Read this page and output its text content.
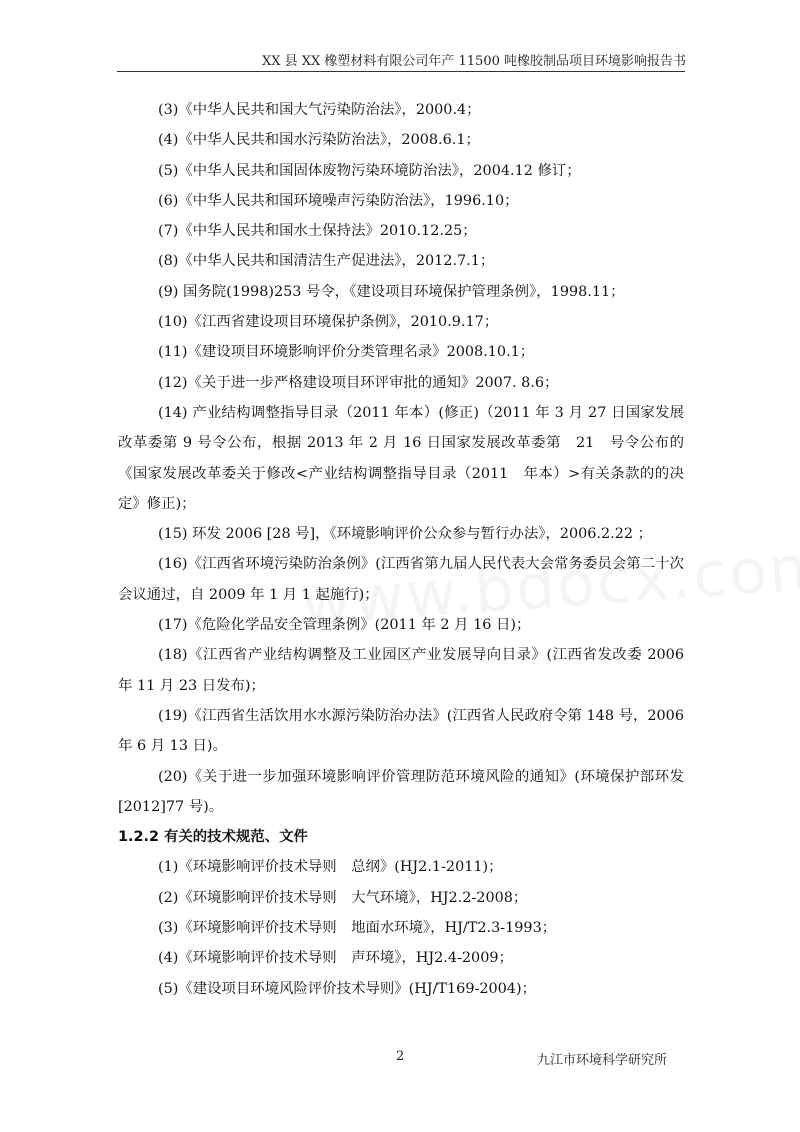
XX 县 XX 橡塑材料有限公司年产 11500 吨橡胶制品项目环境影响报告书

(3)《中华人民共和国大气污染防治法》，2000.4；

(4)《中华人民共和国水污染防治法》，2008.6.1；

(5)《中华人民共和国固体废物污染环境防治法》，2004.12 修订；

(6)《中华人民共和国环境噪声污染防治法》，1996.10；

(7)《中华人民共和国水土保持法》2010.12.25；

(8)《中华人民共和国清洁生产促进法》，2012.7.1；

(9) 国务院(1998)253 号令，《建设项目环境保护管理条例》，1998.11；

(10)《江西省建设项目环境保护条例》，2010.9.17；

(11)《建设项目环境影响评价分类管理名录》2008.10.1；

(12)《关于进一步严格建设项目环评审批的通知》2007. 8.6；

(14) 产业结构调整指导目录（2011 年本）(修正)（2011 年 3 月 27 日国家发展改革委第 9 号令公布，根据 2013 年 2 月 16 日国家发展改革委第　21　号令公布的《国家发展改革委关于修改<产业结构调整指导目录（2011　年本）>有关条款的的决定》修正)；

(15) 环发 2006 [28 号]，《环境影响评价公众参与暂行办法》，2006.2.22 ；

(16)《江西省环境污染防治条例》(江西省第九届人民代表大会常务委员会第二十次会议通过，自 2009 年 1 月 1 起施行)；

(17)《危险化学品安全管理条例》(2011 年 2 月 16 日)；

(18)《江西省产业结构调整及工业园区产业发展导向目录》(江西省发改委 2006 年 11 月 23 日发布)；

(19)《江西省生活饮用水水源污染防治办法》(江西省人民政府令第 148 号，2006 年 6 月 13 日)。

(20)《关于进一步加强环境影响评价管理防范环境风险的通知》(环境保护部环发[2012]77 号)。

1.2.2 有关的技术规范、文件

(1)《环境影响评价技术导则　总纲》(HJ2.1-2011)；

(2)《环境影响评价技术导则　大气环境》，HJ2.2-2008；

(3)《环境影响评价技术导则　地面水环境》，HJ/T2.3-1993；

(4)《环境影响评价技术导则　声环境》，HJ2.4-2009；

(5)《建设项目环境风险评价技术导则》(HJ/T169-2004)；

2	九江市环境科学研究所
